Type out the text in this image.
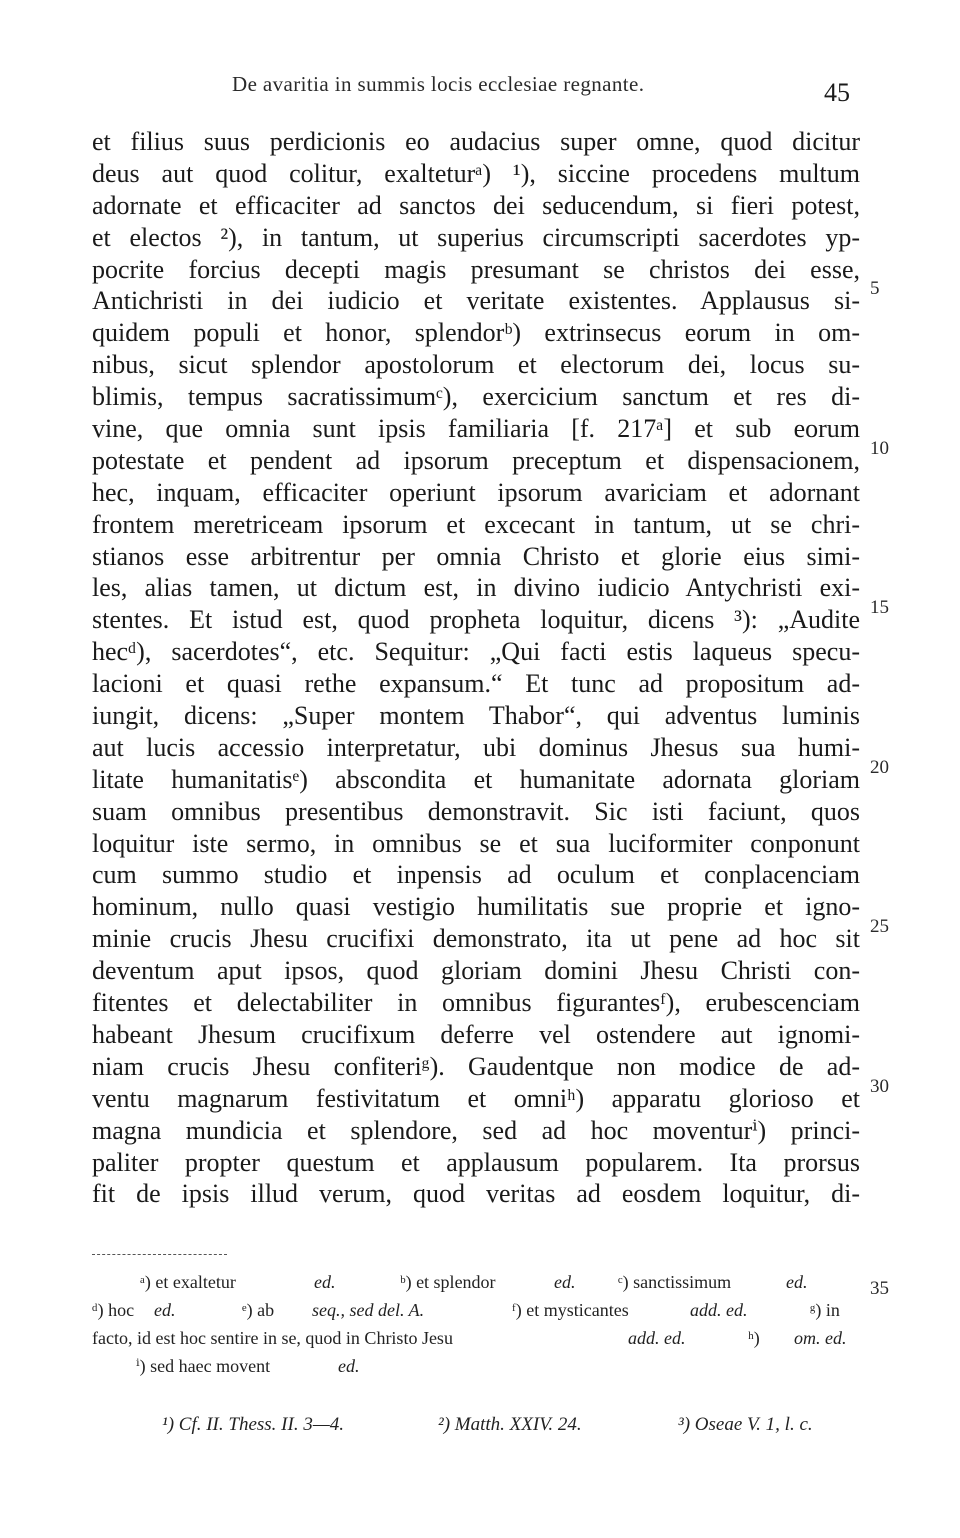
De avaritia in summis locis ecclesiae regnante.	45
et filius suus perdicionis eo audacius super omne, quod dicitur
deus aut quod colitur, exalteturᵃ) ¹), siccine procedens multum
adornate et efficaciter ad sanctos dei seducendum, si fieri potest,
et electos ²), in tantum, ut superius circumscripti sacerdotes yp-
pocrite forcius decepti magis presumant se christos dei esse,
Antichristi in dei iudicio et veritate existentes. Applausus si-
quidem populi et honor, splendorᵇ) extrinsecus eorum in om-
nibus, sicut splendor apostolorum et electorum dei, locus su-
blimis, tempus sacratissimumᶜ), exercicium sanctum et res di-
vine, que omnia sunt ipsis familiaria [f. 217ᵃ] et sub eorum
potestate et pendent ad ipsorum preceptum et dispensacionem,
hec, inquam, efficaciter operiunt ipsorum avariciam et adornant
frontem meretriceam ipsorum et excecant in tantum, ut se chri-
stianos esse arbitrentur per omnia Christo et glorie eius simi-
les, alias tamen, ut dictum est, in divino iudicio Antychristi exi-
stentes. Et istud est, quod propheta loquitur, dicens ³): „Audite
hecᵈ), sacerdotes“, etc. Sequitur: „Qui facti estis laqueus specu-
lacioni et quasi rethe expansum.“ Et tunc ad propositum ad-
iungit, dicens: „Super montem Thabor“, qui adventus luminis
aut lucis accessio interpretatur, ubi dominus Jhesus sua humi-
litate humanitatisᵉ) abscondita et humanitate adornata gloriam
suam omnibus presentibus demonstravit. Sic isti faciunt, quos
loquitur iste sermo, in omnibus se et sua luciformiter conponunt
cum summo studio et inpensis ad oculum et conplacenciam
hominum, nullo quasi vestigio humilitatis sue proprie et igno-
minie crucis Jhesu crucifixi demonstrato, ita ut pene ad hoc sit
deventum aput ipsos, quod gloriam domini Jhesu Christi con-
fitentes et delectabiliter in omnibus figurantesᶠ), erubescenciam
habeant Jhesum crucifixum deferre vel ostendere aut ignomi-
niam crucis Jhesu confiteriᵍ). Gaudentque non modice de ad-
ventu magnarum festivitatum et omniʰ) apparatu glorioso et
magna mundicia et splendore, sed ad hoc moventurⁱ) princi-
paliter propter questum et applausum popularem. Ita prorsus
fit de ipsis illud verum, quod veritas ad eosdem loquitur, di-
5
10
15
20
25
30
35
ᵃ) et exaltetur	ed.	ᵇ) et splendor	ed. ᶜ) sanctissimum	ed.
ᵈ) hoc ed.	ᵉ) ab seq., sed del. A.	ᶠ) et mysticantes	add. ed.	ᵍ) in
facto, id est hoc sentire in se, quod in Christo Jesu	add. ed.	ʰ) om. ed.
ⁱ) sed haec movent	ed.
¹) Cf. II. Thess. II. 3—4.	²) Matth. XXIV. 24.	³) Oseae V. 1, l. c.
